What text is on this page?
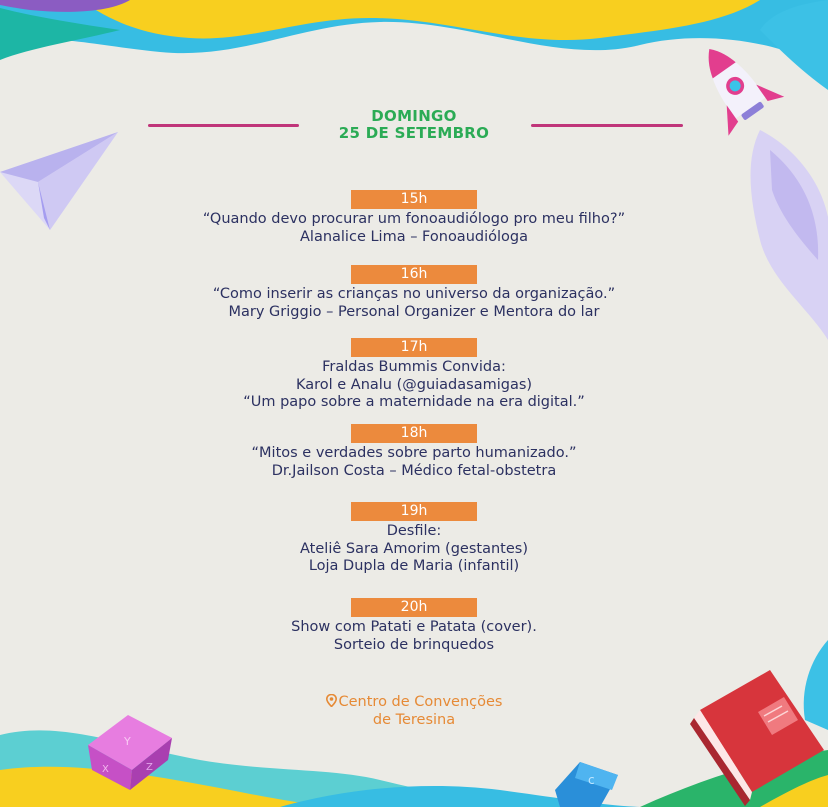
Y
X	Z
c
DOMINGO
25 DE SETEMBRO
15h
“Quando devo procurar um fonoaudiólogo pro meu filho?”
Alanalice Lima – Fonoaudióloga
16h
“Como inserir as crianças no universo da organização.”
Mary Griggio – Personal Organizer e Mentora do lar
17h
Fraldas Bummis Convida:
Karol e Analu (@guiadasamigas)
“Um papo sobre a maternidade na era digital.”
18h
“Mitos e verdades sobre parto humanizado.”
Dr.Jailson Costa – Médico fetal-obstetra
19h
Desfile:
Ateliê Sara Amorim (gestantes)
Loja Dupla de Maria (infantil)
20h
Show com Patati e Patata (cover).
Sorteio de brinquedos
Centro de Convenções
de Teresina
